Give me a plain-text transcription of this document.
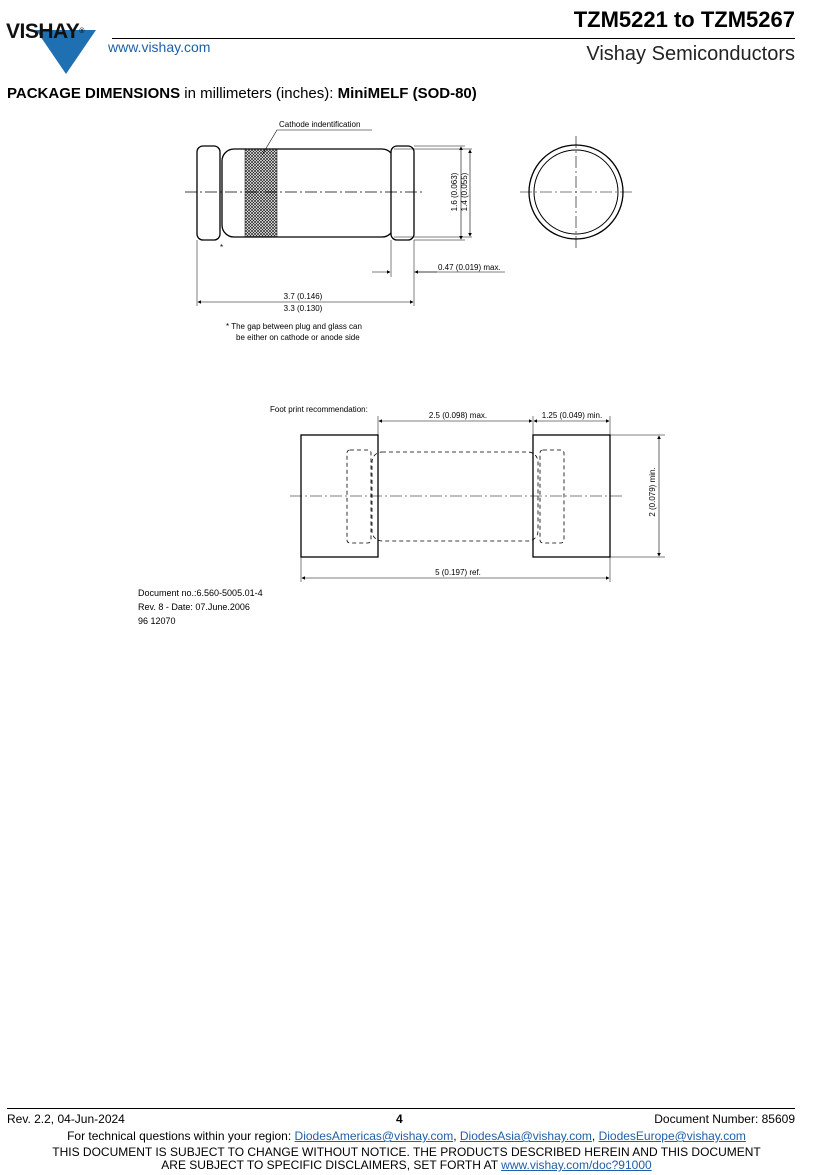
VISHAY®
www.vishay.com
TZM5221 to TZM5267
Vishay Semiconductors
PACKAGE DIMENSIONS in millimeters (inches): MiniMELF (SOD-80)
Cathode indentification
*
1.6 (0.063) 1.4 (0.055)
0.47 (0.019) max.
3.7 (0.146)
3.3 (0.130)
* The gap between plug and glass can
be either on cathode or anode side
Foot print recommendation:
2.5 (0.098) max.	1.25 (0.049) min.
2 (0.079) min.
5 (0.197) ref.
Document no.:6.560-5005.01-4
Rev. 8 - Date: 07.June.2006
96 12070
Rev. 2.2, 04-Jun-2024	4	Document Number: 85609
For technical questions within your region: DiodesAmericas@vishay.com, DiodesAsia@vishay.com, DiodesEurope@vishay.com
THIS DOCUMENT IS SUBJECT TO CHANGE WITHOUT NOTICE. THE PRODUCTS DESCRIBED HEREIN AND THIS DOCUMENT
ARE SUBJECT TO SPECIFIC DISCLAIMERS, SET FORTH AT www.vishay.com/doc?91000
